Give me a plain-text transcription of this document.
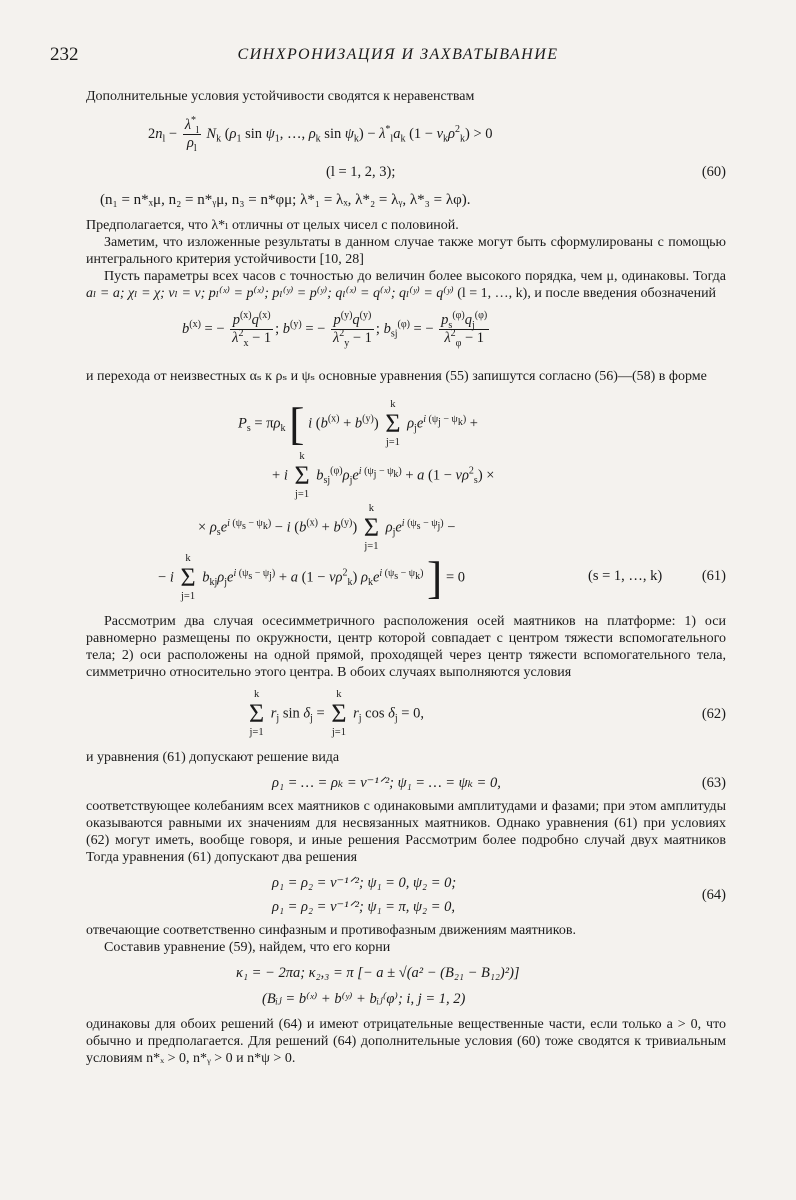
232	СИНХРОНИЗАЦИЯ И ЗАХВАТЫВАНИЕ

Дополнительные условия устойчивости сводятся к неравенствам

$2n_l - \frac{\lambda^*_l}{\rho_l} N_k$ ($\rho_1$ $\sin \psi_1$, …, $\rho_k$ $\sin \psi_k) - \lambda^*_la_k$ $(1 - \nu_k\rho^2_k) > 0$
(l = 1, 2, 3);	(60)
(n₁ = n*ₓμ, n₂ = n*ᵧμ, n₃ = n*φμ; λ*₁ = λₓ, λ*₂ = λᵧ, λ*₃ = λφ).

Предполагается, что λ*ₗ отличны от целых чисел с половиной.

Заметим, что изложенные результаты в данном случае также могут быть сформулированы с помощью интегрального критерия устойчивости [10, 28]

Пусть параметры всех часов с точностью до величин более высокого порядка, чем μ, одинаковы. Тогда aₗ = a; χₗ = χ; νₗ = ν; pₗ⁽ˣ⁾ = p⁽ˣ⁾; pₗ⁽ʸ⁾ = p⁽ʸ⁾; qₗ⁽ˣ⁾ = q⁽ˣ⁾; qₗ⁽ʸ⁾ = q⁽ʸ⁾ (l = 1, …, k), и после введения обозначений

$b^{(x)}$ = − $\frac{p^{(x)}q^{(x)}}{\lambda^2_x - 1}$ ; $b^{(y)}$ = − $\frac{p^{(y)}q^{(y)}}{\lambda^2_y - 1}$ ; $b_{sj}^{(\varphi)}$ = − $\frac{p_s^{(\varphi)}q_j^{(\varphi)}}{\lambda^2_\varphi - 1}$

и перехода от неизвестных αₛ к ρₛ и ψₛ основные уравнения (55) запишутся согласно (56)—(58) в форме

$P_s = \pi\rho_k$ [ i $(b^{(x)} + b^{(y)})$
k
Σ
j=1
$\rho_je^{i (\psi_j - \psi_k)}$ +
+ i
k
Σ
j=1
$b_{sj}^{(\varphi)}\rho_je^{i (\psi_j - \psi_k)} + a$ $(1 - \nu\rho^2_s)$ ×
× $\rho_se^{i (\psi_s - \psi_k)} - i$ $(b^{(x)} + b^{(y)})$
k
Σ
j=1
$\rho_je^{i (\psi_s - \psi_j)}$ −
− i
k
Σ
j=1
$b_{kj}\rho_je^{i (\psi_s - \psi_j)} + a$ $(1 - \nu\rho^2_k)$ $\rho_ke^{i (\psi_s - \psi_k)}$ ] = 0	(s = 1, …, k)	(61)

Рассмотрим два случая осесимметричного расположения осей маятников на платформе: 1) оси равномерно размещены по окружности, центр которой совпадает с центром тяжести вспомогательного тела; 2) оси расположены на одной прямой, проходящей через центр тяжести вспомогательного тела, симметрично относительно этого центра. В обоих случаях выполняются условия

k
Σ
j=1
$r_j$ $\sin \delta_j$ =
k
Σ
j=1
$r_j$ $\cos \delta_j = 0$,	(62)

и уравнения (61) допускают решение вида

ρ₁ = … = ρₖ = ν⁻¹ᐟ²; ψ₁ = … = ψₖ = 0,	(63)

соответствующее колебаниям всех маятников с одинаковыми амплитудами и фазами; при этом амплитуды оказываются равными их значениям для несвязанных маятников. Однако уравнения (61) при условиях (62) могут иметь, вообще говоря, и иные решения Рассмотрим более подробно случай двух маятников Тогда уравнения (61) допускают два решения

ρ₁ = ρ₂ = ν⁻¹ᐟ²; ψ₁ = 0, ψ₂ = 0;
ρ₁ = ρ₂ = ν⁻¹ᐟ²; ψ₁ = π, ψ₂ = 0,
(64)

отвечающие соответственно синфазным и противофазным движениям маятников.

Составив уравнение (59), найдем, что его корни

κ₁ = − 2πa; κ₂,₃ = π [− a ± √(a² − (B₂₁ − B₁₂)²)]
(Bᵢⱼ = b⁽ˣ⁾ + b⁽ʸ⁾ + bᵢⱼ⁽φ⁾; i, j = 1, 2)

одинаковы для обоих решений (64) и имеют отрицательные вещественные части, если только a > 0, что обычно и предполагается. Для решений (64) дополнительные условия (60) тоже сводятся к тривиальным условиям n*ₓ > 0, n*ᵧ > 0 и n*ψ > 0.
